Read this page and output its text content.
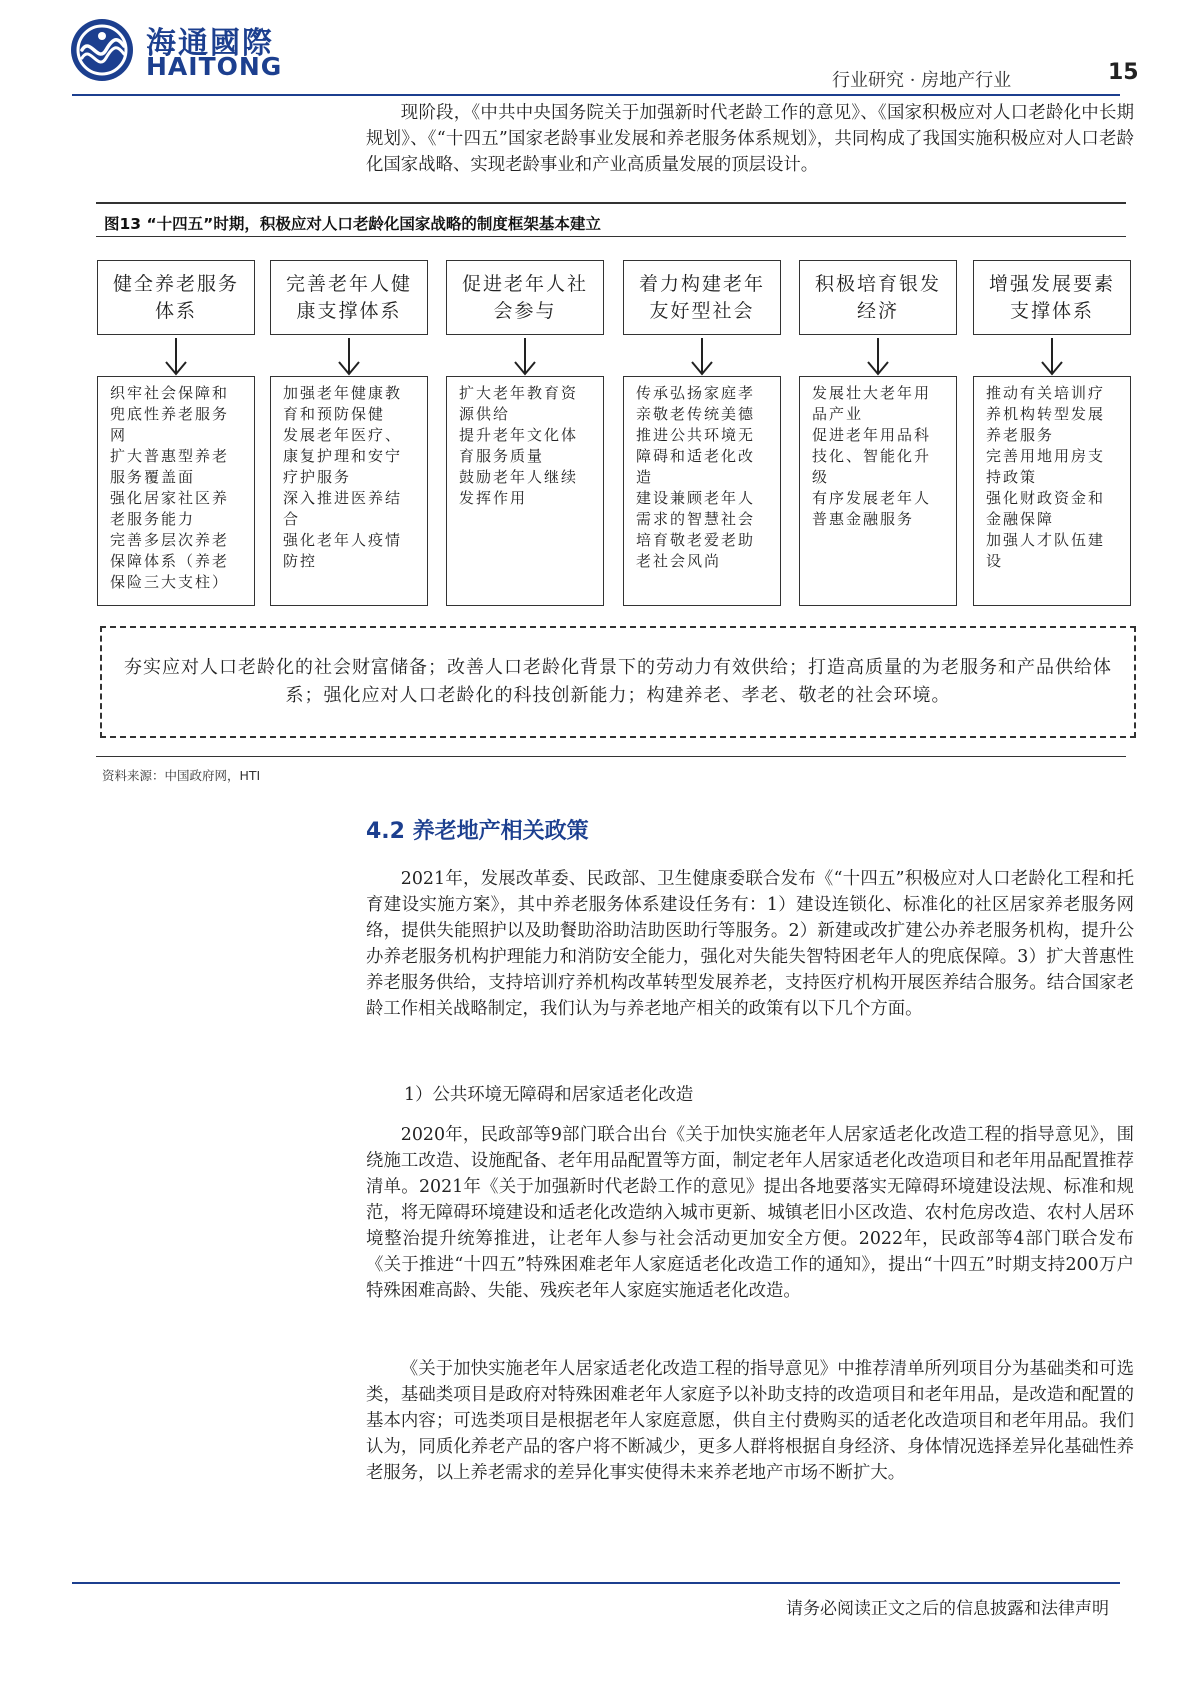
海通國際
HAITONG	行业研究 · 房地产行业	15

现阶段，《中共中央国务院关于加强新时代老龄工作的意见》、《国家积极应对人口老龄化中长期规划》、《“十四五”国家老龄事业发展和养老服务体系规划》，共同构成了我国实施积极应对人口老龄化国家战略、实现老龄事业和产业高质量发展的顶层设计。

图13 “十四五”时期，积极应对人口老龄化国家战略的制度框架基本建立
健全养老服务体系
完善老年人健康支撑体系
促进老年人社会参与
着力构建老年友好型社会
积极培育银发经济
增强发展要素支撑体系
织牢社会保障和兜底性养老服务网
扩大普惠型养老服务覆盖面
强化居家社区养老服务能力
完善多层次养老保障体系（养老保险三大支柱）
加强老年健康教育和预防保健
发展老年医疗、康复护理和安宁疗护服务
深入推进医养结合
强化老年人疫情防控
扩大老年教育资源供给
提升老年文化体育服务质量
鼓励老年人继续发挥作用
传承弘扬家庭孝亲敬老传统美德
推进公共环境无障碍和适老化改造
建设兼顾老年人需求的智慧社会
培育敬老爱老助老社会风尚
发展壮大老年用品产业
促进老年用品科技化、智能化升级
有序发展老年人普惠金融服务
推动有关培训疗养机构转型发展养老服务
完善用地用房支持政策
强化财政资金和金融保障
加强人才队伍建设
夯实应对人口老龄化的社会财富储备；改善人口老龄化背景下的劳动力有效供给；打造高质量的为老服务和产品供给体系；强化应对人口老龄化的科技创新能力；构建养老、孝老、敬老的社会环境。
资料来源：中国政府网，HTI
4.2 养老地产相关政策

2021年，发展改革委、民政部、卫生健康委联合发布《“十四五”积极应对人口老龄化工程和托育建设实施方案》，其中养老服务体系建设任务有：1）建设连锁化、标准化的社区居家养老服务网络，提供失能照护以及助餐助浴助洁助医助行等服务。2）新建或改扩建公办养老服务机构，提升公办养老服务机构护理能力和消防安全能力，强化对失能失智特困老年人的兜底保障。3）扩大普惠性养老服务供给，支持培训疗养机构改革转型发展养老，支持医疗机构开展医养结合服务。结合国家老龄工作相关战略制定，我们认为与养老地产相关的政策有以下几个方面。

1）公共环境无障碍和居家适老化改造

2020年，民政部等9部门联合出台《关于加快实施老年人居家适老化改造工程的指导意见》，围绕施工改造、设施配备、老年用品配置等方面，制定老年人居家适老化改造项目和老年用品配置推荐清单。2021年《关于加强新时代老龄工作的意见》提出各地要落实无障碍环境建设法规、标准和规范，将无障碍环境建设和适老化改造纳入城市更新、城镇老旧小区改造、农村危房改造、农村人居环境整治提升统筹推进，让老年人参与社会活动更加安全方便。2022年，民政部等4部门联合发布《关于推进“十四五”特殊困难老年人家庭适老化改造工作的通知》，提出“十四五”时期支持200万户特殊困难高龄、失能、残疾老年人家庭实施适老化改造。

《关于加快实施老年人居家适老化改造工程的指导意见》中推荐清单所列项目分为基础类和可选类，基础类项目是政府对特殊困难老年人家庭予以补助支持的改造项目和老年用品，是改造和配置的基本内容；可选类项目是根据老年人家庭意愿，供自主付费购买的适老化改造项目和老年用品。我们认为，同质化养老产品的客户将不断减少，更多人群将根据自身经济、身体情况选择差异化基础性养老服务，以上养老需求的差异化事实使得未来养老地产市场不断扩大。

请务必阅读正文之后的信息披露和法律声明
